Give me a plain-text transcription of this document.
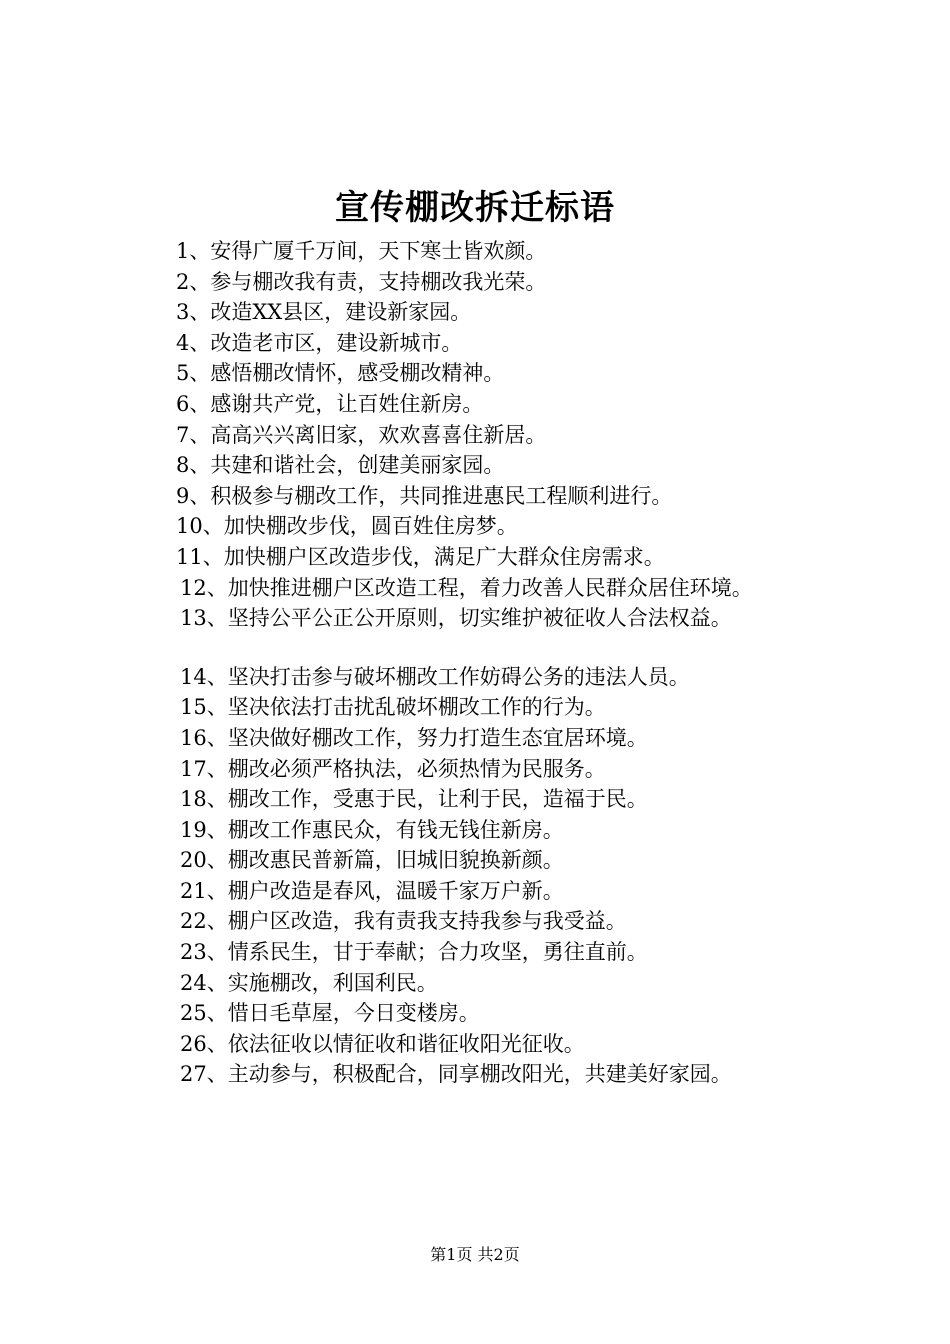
宣传棚改拆迁标语
1、安得广厦千万间，天下寒士皆欢颜。
2、参与棚改我有责，支持棚改我光荣。
3、改造XX县区，建设新家园。
4、改造老市区，建设新城市。
5、感悟棚改情怀，感受棚改精神。
6、感谢共产党，让百姓住新房。
7、高高兴兴离旧家，欢欢喜喜住新居。
8、共建和谐社会，创建美丽家园。
9、积极参与棚改工作，共同推进惠民工程顺利进行。
10、加快棚改步伐，圆百姓住房梦。
11、加快棚户区改造步伐，满足广大群众住房需求。
12、加快推进棚户区改造工程，着力改善人民群众居住环境。
13、坚持公平公正公开原则，切实维护被征收人合法权益。
14、坚决打击参与破坏棚改工作妨碍公务的违法人员。
15、坚决依法打击扰乱破坏棚改工作的行为。
16、坚决做好棚改工作，努力打造生态宜居环境。
17、棚改必须严格执法，必须热情为民服务。
18、棚改工作，受惠于民，让利于民，造福于民。
19、棚改工作惠民众，有钱无钱住新房。
20、棚改惠民普新篇，旧城旧貌换新颜。
21、棚户改造是春风，温暖千家万户新。
22、棚户区改造，我有责我支持我参与我受益。
23、情系民生，甘于奉献；合力攻坚，勇往直前。
24、实施棚改，利国利民。
25、惜日毛草屋，今日变楼房。
26、依法征收以情征收和谐征收阳光征收。
27、主动参与，积极配合，同享棚改阳光，共建美好家园。
第1页 共2页
